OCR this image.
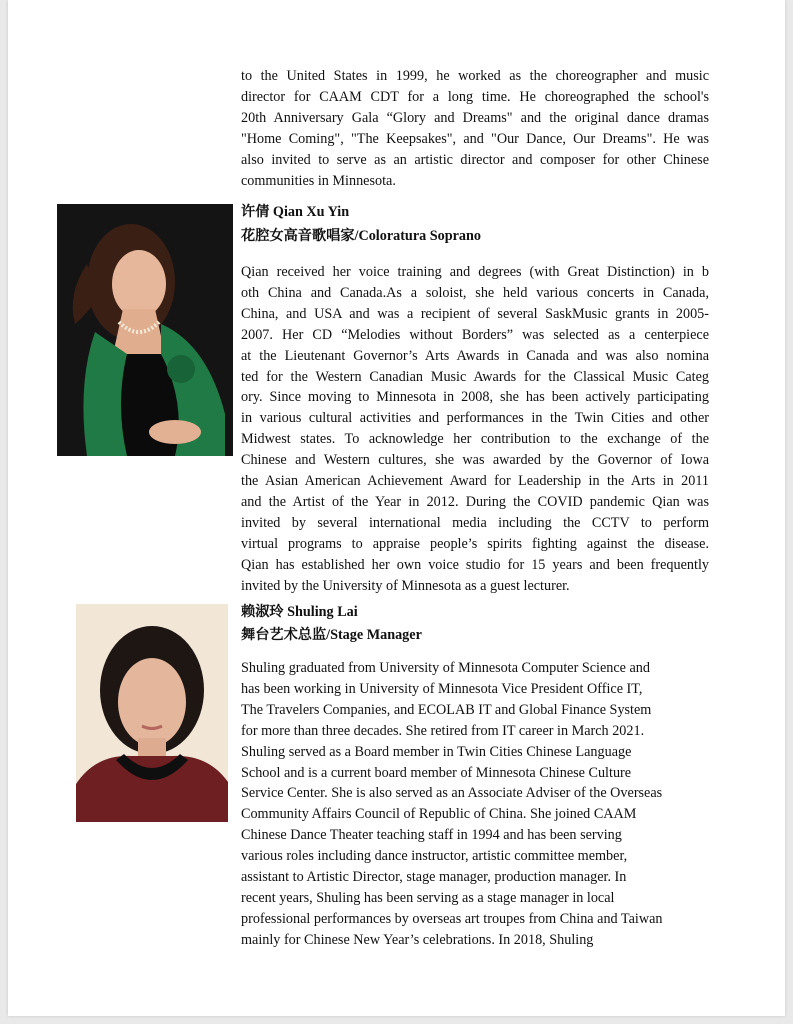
to the United States in 1999, he worked as the choreographer and music
director for CAAM CDT for a long time. He choreographed the school's
20th Anniversary Gala “Glory and Dreams" and the original dance dramas
"Home Coming", "The Keepsakes", and "Our Dance, Our Dreams". He was
also invited to serve as an artistic director and composer for other Chinese
communities in Minnesota.
许倩 Qian Xu Yin
花腔女高音歌唱家/Coloratura Soprano
Qian received her voice training and degrees (with Great Distinction) in b
oth China and Canada.As a soloist, she held various concerts in Canada,
China, and USA and was a recipient of several SaskMusic grants in 2005-
2007. Her CD “Melodies without Borders” was selected as a centerpiece
at the Lieutenant Governor’s Arts Awards in Canada and was also nomina
ted for the Western Canadian Music Awards for the Classical Music Categ
ory. Since moving to Minnesota in 2008, she has been actively participating
in various cultural activities and performances in the Twin Cities and other
Midwest states. To acknowledge her contribution to the exchange of the
Chinese and Western cultures, she was awarded by the Governor of Iowa
the Asian American Achievement Award for Leadership in the Arts in 2011
and the Artist of the Year in 2012. During the COVID pandemic Qian was
invited by several international media including the CCTV to perform
virtual programs to appraise people’s spirits fighting against the disease.
Qian has established her own voice studio for 15 years and been frequently
invited by the University of Minnesota as a guest lecturer.
赖淑玲 Shuling Lai
舞台艺术总监/Stage Manager
Shuling graduated from University of Minnesota Computer Science and
has been working in University of Minnesota Vice President Office IT,
The Travelers Companies, and ECOLAB IT and Global Finance System
for more than three decades. She retired from IT career in March 2021.
Shuling served as a Board member in Twin Cities Chinese Language
School and is a current board member of Minnesota Chinese Culture
Service Center. She is also served as an Associate Adviser of the Overseas
Community Affairs Council of Republic of China. She joined CAAM
Chinese Dance Theater teaching staff in 1994 and has been serving
various roles including dance instructor, artistic committee member,
assistant to Artistic Director, stage manager, production manager. In
recent years, Shuling has been serving as a stage manager in local
professional performances by overseas art troupes from China and Taiwan
mainly for Chinese New Year’s celebrations. In 2018, Shuling
